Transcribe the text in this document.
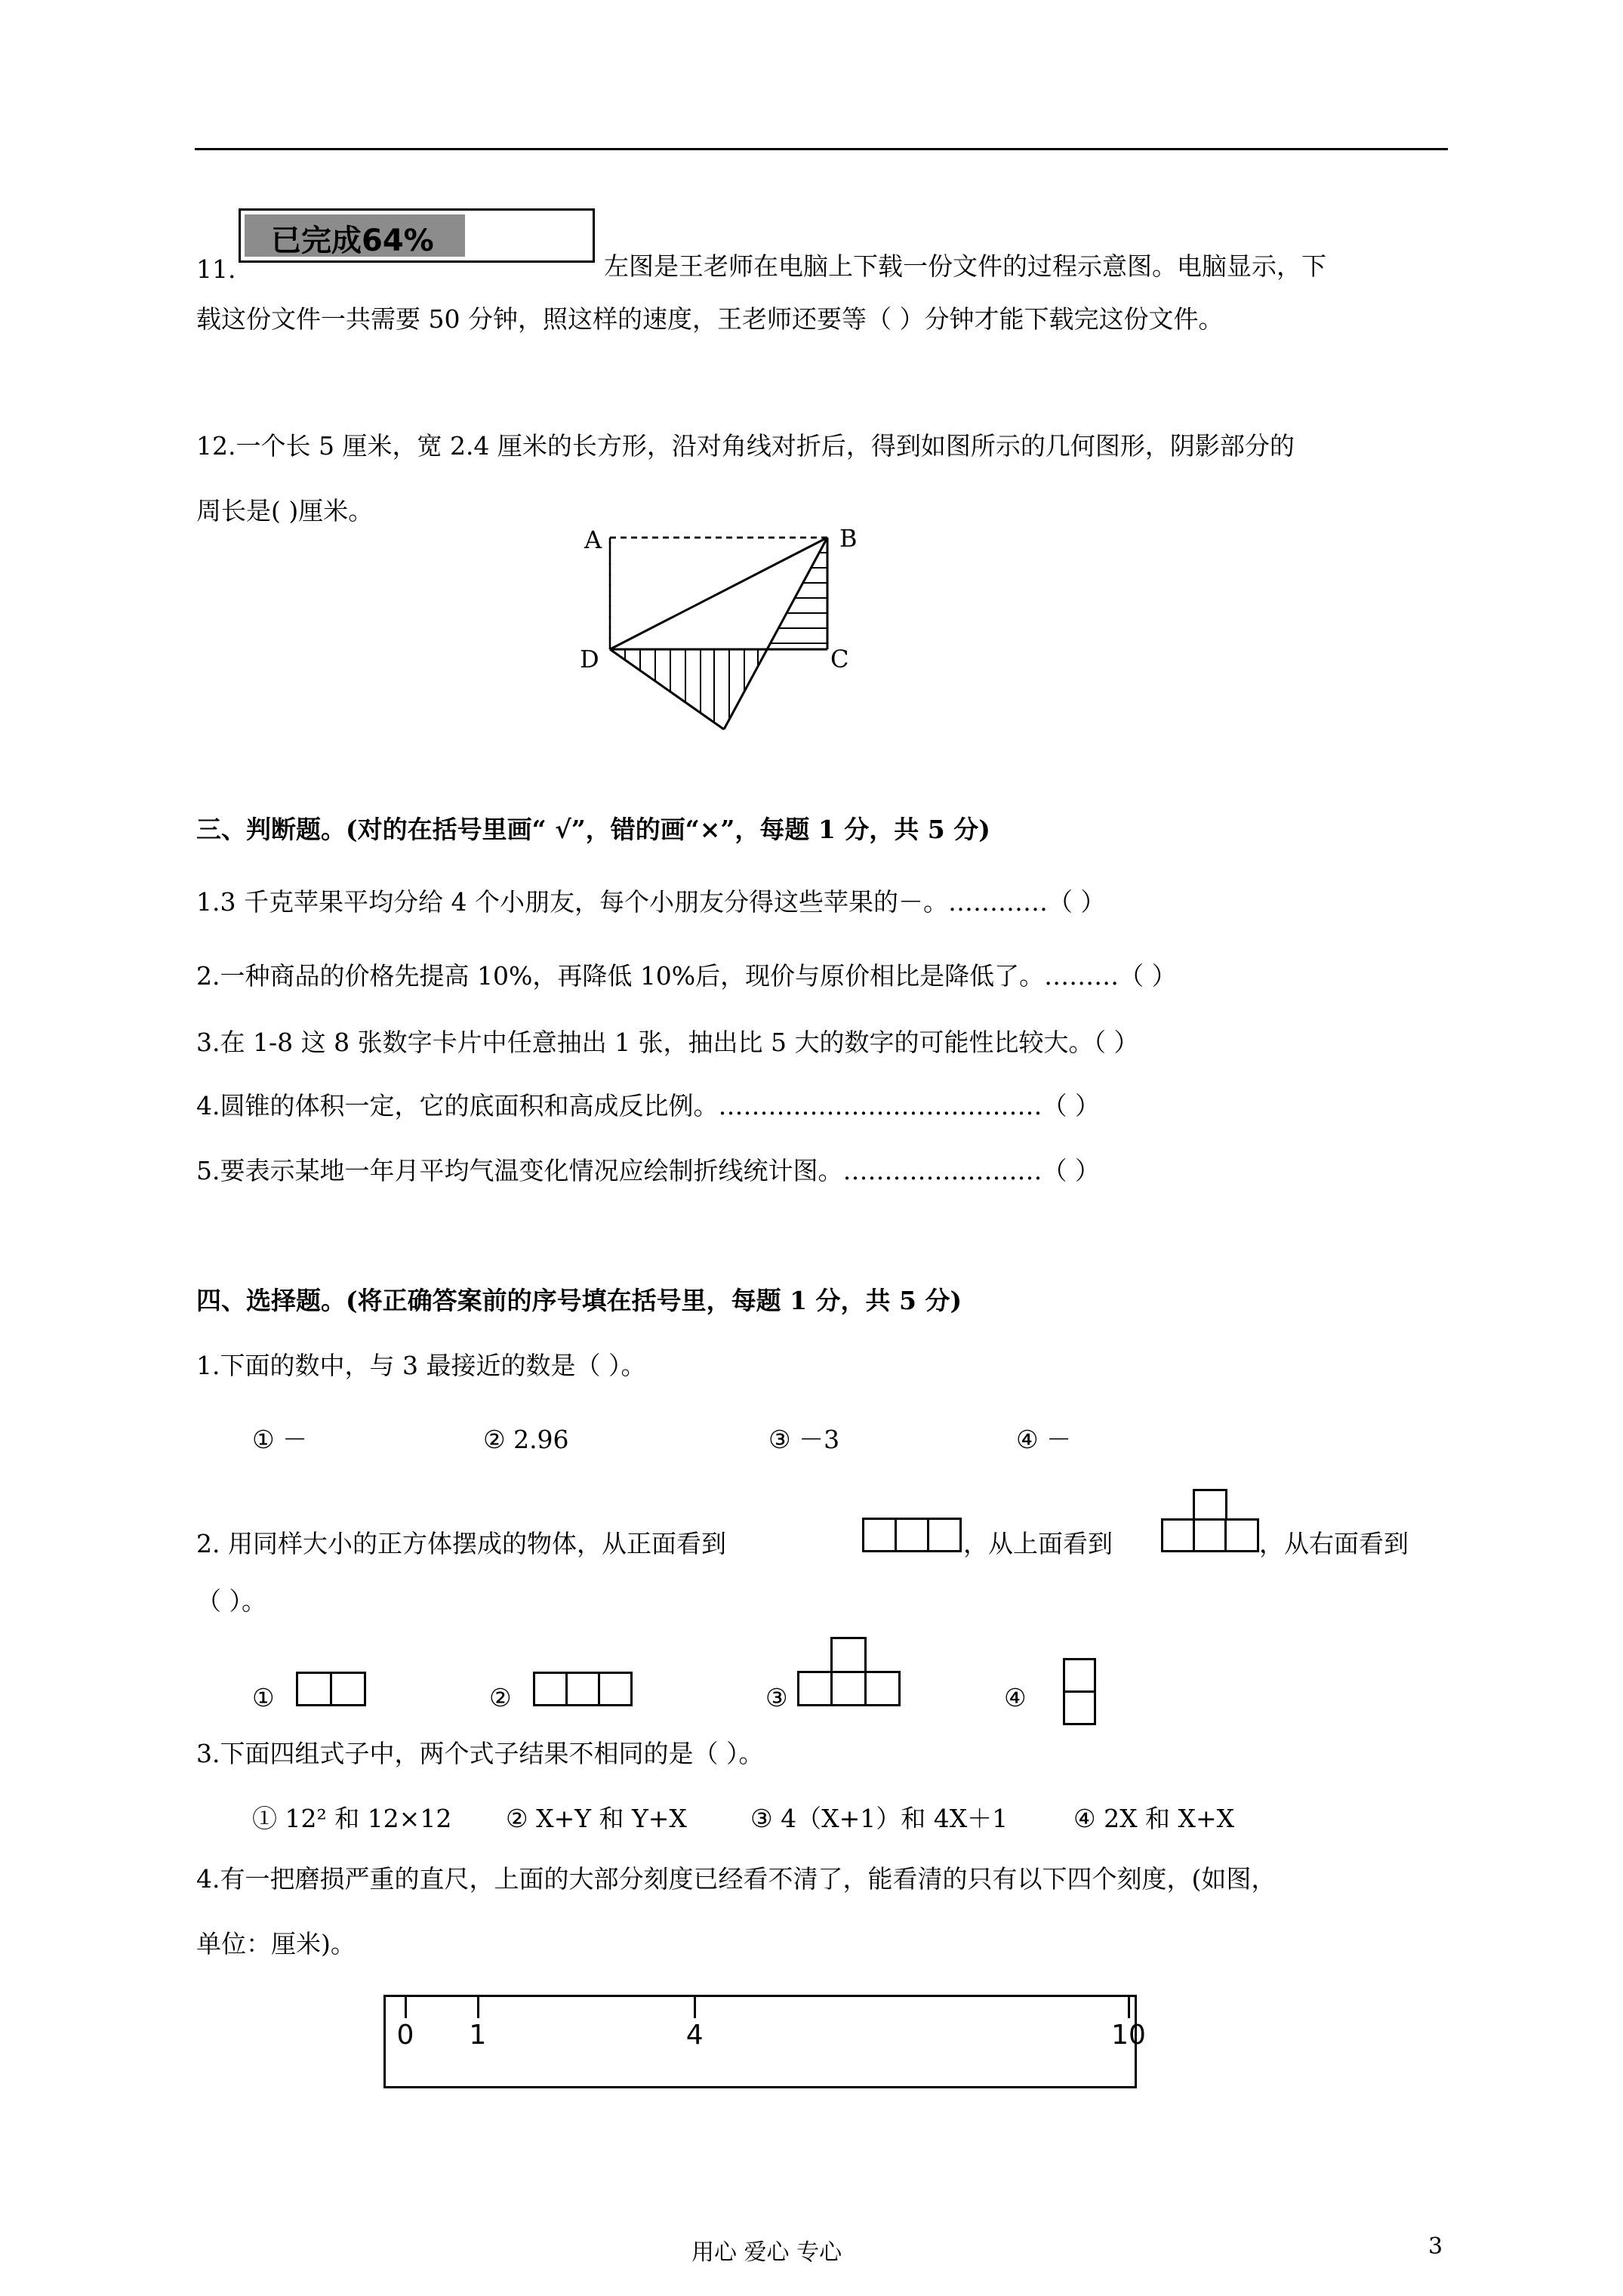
11.
已完成64%
左图是王老师在电脑上下载一份文件的过程示意图。电脑显示，下
载这份文件一共需要 50 分钟，照这样的速度，王老师还要等（ ）分钟才能下载完这份文件。
12.一个长 5 厘米，宽 2.4 厘米的长方形，沿对角线对折后，得到如图所示的几何图形，阴影部分的
周长是( )厘米。
A	B
D	C
三、判断题。(对的在括号里画“ √”，错的画“×”，每题 1 分，共 5 分)
1.3 千克苹果平均分给 4 个小朋友，每个小朋友分得这些苹果的－。…………（ ）
2.一种商品的价格先提高 10%，再降低 10%后，现价与原价相比是降低了。………（ ）
3.在 1-8 这 8 张数字卡片中任意抽出 1 张，抽出比 5 大的数字的可能性比较大。（ ）
4.圆锥的体积一定，它的底面积和高成反比例。…………………………………（ ）
5.要表示某地一年月平均气温变化情况应绘制折线统计图。……………………（ ）
四、选择题。(将正确答案前的序号填在括号里，每题 1 分，共 5 分)
1.下面的数中，与 3 最接近的数是（ ）。
① －	② 2.96	③ －3	④ －
2. 用同样大小的正方体摆成的物体，从正面看到	，从上面看到	，从右面看到
（ ）。
①	②	③	④
3.下面四组式子中，两个式子结果不相同的是（ ）。
① 12² 和 12×12 ② X+Y 和 Y+X	③ 4（X+1）和 4X＋1	④ 2X 和 X+X
4.有一把磨损严重的直尺，上面的大部分刻度已经看不清了，能看清的只有以下四个刻度，(如图，
单位：厘米)。
0 1	4	10
用心 爱心 专心	3
